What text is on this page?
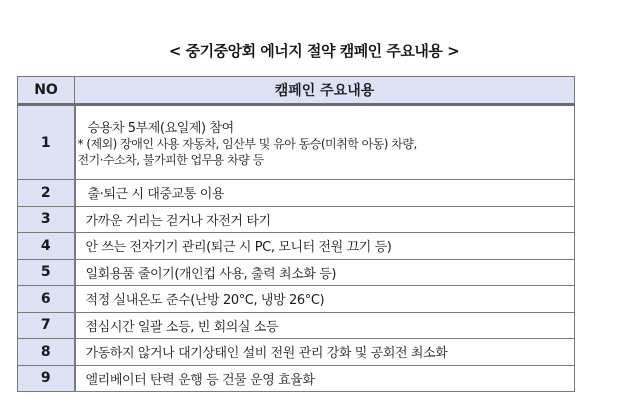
< 중기중앙회 에너지 절약 캠페인 주요내용 >
NO	캠페인 주요내용
1	승용차 5부제(요일제) 참여
* (제외) 장애인 사용 자동차, 임산부 및 유아 동승(미취학 아동) 차량,
전기·수소차, 불가피한 업무용 차량 등

2	출·퇴근 시 대중교통 이용

3	가까운 거리는 걷거나 자전거 타기
4	안 쓰는 전자기기 관리(퇴근 시 PC, 모니터 전원 끄기 등)
5	일회용품 줄이기(개인컵 사용, 출력 최소화 등)
6	적정 실내온도 준수(난방 20°C, 냉방 26°C)
7	점심시간 일괄 소등, 빈 회의실 소등
8	가동하지 않거나 대기상태인 설비 전원 관리 강화 및 공회전 최소화
9	엘리베이터 탄력 운행 등 건물 운영 효율화
